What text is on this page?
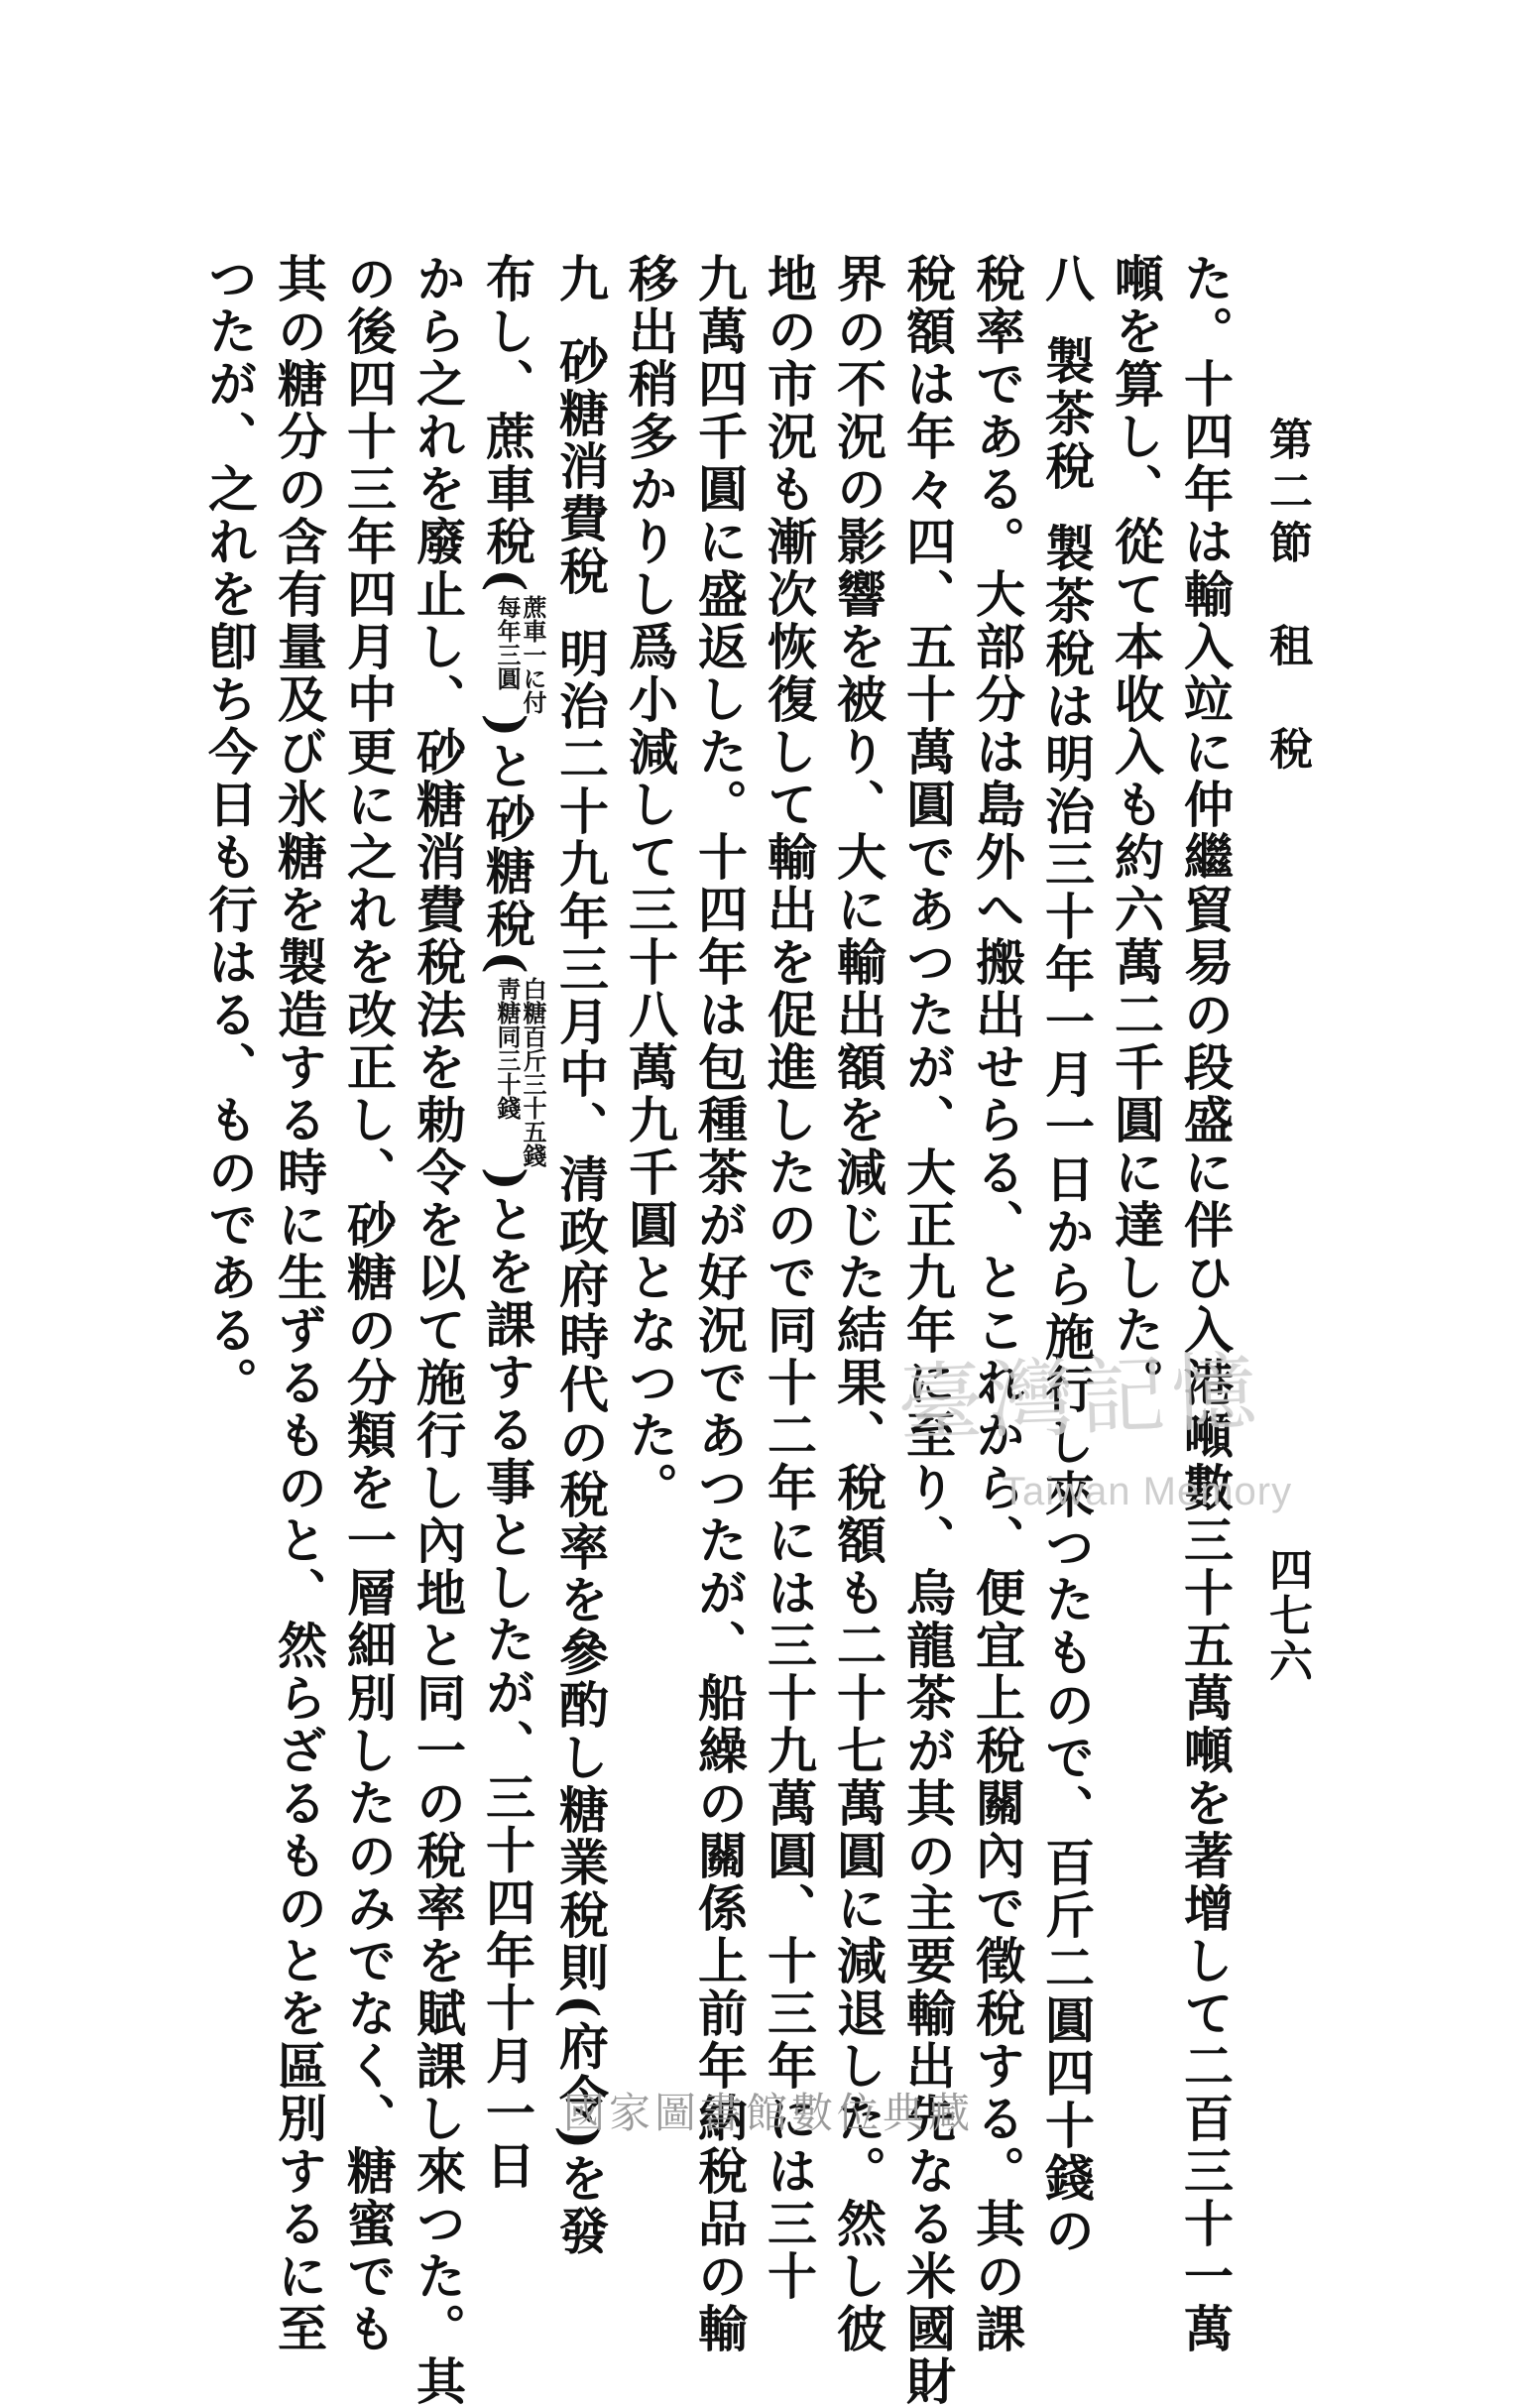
第二節　租　稅
四七六
た。十四年は輸入竝に仲繼貿易の段盛に伴ひ入港噸數三十五萬噸を著增して二百三十一萬
噸を算し、從て本收入も約六萬二千圓に達した。
八製茶稅製茶稅は明治三十年一月一日から施行し來つたもので、百斤二圓四十錢の
稅率である。大部分は島外へ搬出せらる、とこれから、便宜上稅關內で徵稅する。其の課
稅額は年々四、五十萬圓であつたが、大正九年に至り、烏龍茶が其の主要輸出先なる米國財
界の不況の影響を被り、大に輸出額を減じた結果、稅額も二十七萬圓に減退した。然し彼
地の市況も漸次恢復して輸出を促進したので同十二年には三十九萬圓、十三年には三十
九萬四千圓に盛返した。十四年は包種茶が好況であつたが、船繰の關係上前年納稅品の輸
移出稍多かりし爲小減して三十八萬九千圓となつた。
九砂糖消費稅明治二十九年三月中、清政府時代の稅率を參酌し糖業稅則(府令)を發
布し、蔗車稅(蔗車一に付
每年三圓)と砂糖稅(白糖百斤三十五錢
靑糖同三十錢)とを課する事としたが、三十四年十月一日
から之れを廢止し、砂糖消費稅法を勅令を以て施行し內地と同一の稅率を賦課し來つた。其
の後四十三年四月中更に之れを改正し、砂糖の分類を一層細別したのみでなく、糖蜜でも
其の糖分の含有量及び氷糖を製造する時に生ずるものと、然らざるものとを區別するに至
つたが、之れを卽ち今日も行はる、ものである。	臺灣記憶
Taiwan Memory
國家圖書館數位典藏
